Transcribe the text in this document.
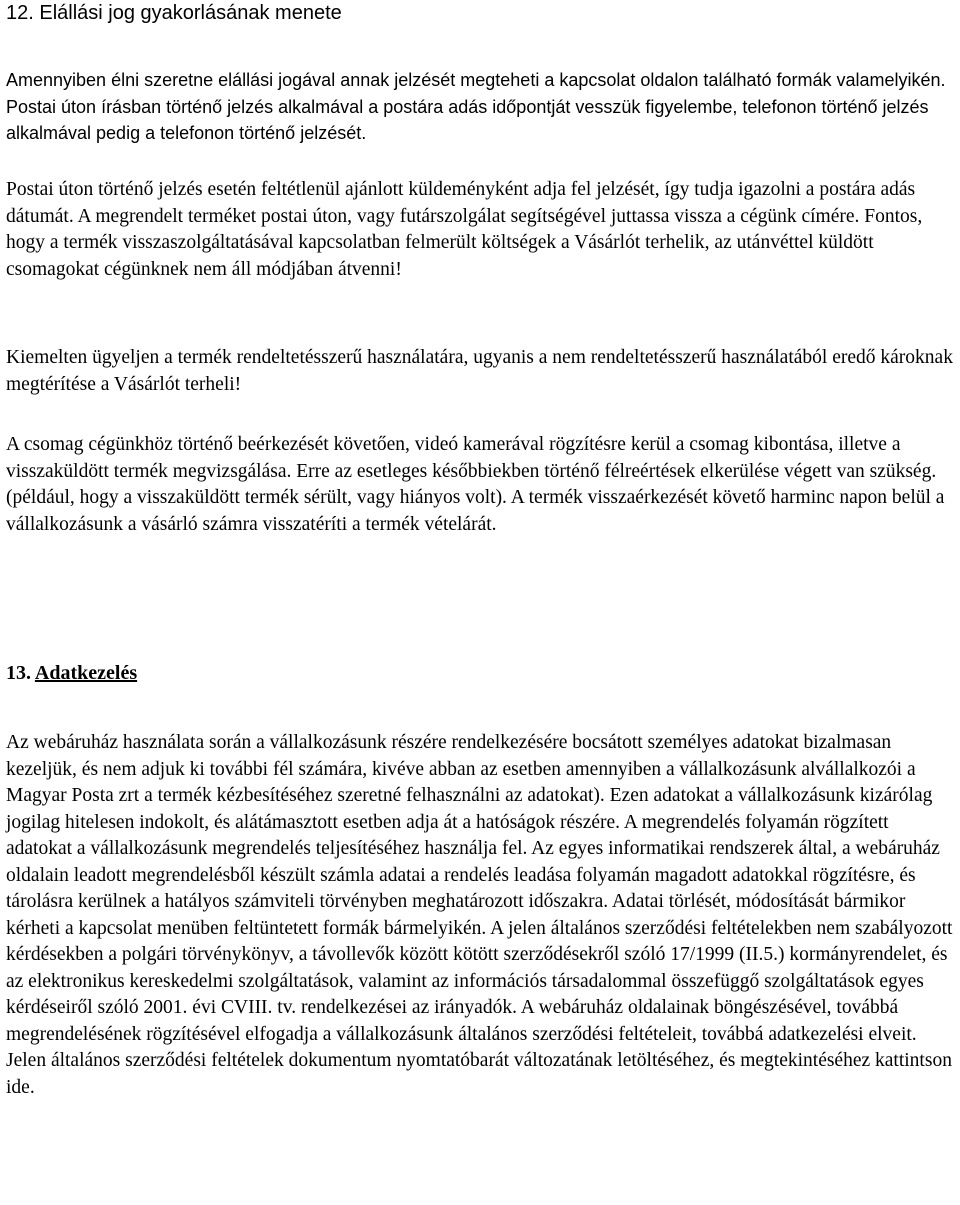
12. Elállási jog gyakorlásának menete

Amennyiben élni szeretne elállási jogával annak jelzését megteheti a kapcsolat oldalon található formák valamelyikén. Postai úton írásban történő jelzés alkalmával a postára adás időpontját vesszük figyelembe, telefonon történő jelzés alkalmával pedig a telefonon történő jelzését.

Postai úton történő jelzés esetén feltétlenül ajánlott küldeményként adja fel jelzését, így tudja igazolni a postára adás dátumát. A megrendelt terméket postai úton, vagy futárszolgálat segítségével juttassa vissza a cégünk címére. Fontos, hogy a termék visszaszolgáltatásával kapcsolatban felmerült költségek a Vásárlót terhelik, az utánvéttel küldött csomagokat cégünknek nem áll módjában átvenni!

Kiemelten ügyeljen a termék rendeltetésszerű használatára, ugyanis a nem rendeltetésszerű használatából eredő károknak megtérítése a Vásárlót terheli!

A csomag cégünkhöz történő beérkezését követően, videó kamerával rögzítésre kerül a csomag kibontása, illetve a visszaküldött termék megvizsgálása. Erre az esetleges későbbiekben történő félreértések elkerülése végett van szükség. (például, hogy a visszaküldött termék sérült, vagy hiányos volt). A termék visszaérkezését követő harminc napon belül a vállalkozásunk a vásárló számra visszatéríti a termék vételárát.

13. Adatkezelés

Az webáruház használata során a vállalkozásunk részére rendelkezésére bocsátott személyes adatokat bizalmasan kezeljük, és nem adjuk ki további fél számára, kivéve abban az esetben amennyiben a vállalkozásunk alvállalkozói a Magyar Posta zrt a termék kézbesítéséhez szeretné felhasználni az adatokat). Ezen adatokat a vállalkozásunk kizárólag jogilag hitelesen indokolt, és alátámasztott esetben adja át a hatóságok részére. A megrendelés folyamán rögzített adatokat a vállalkozásunk megrendelés teljesítéséhez használja fel. Az egyes informatikai rendszerek által, a webáruház oldalain leadott megrendelésből készült számla adatai a rendelés leadása folyamán magadott adatokkal rögzítésre, és tárolásra kerülnek a hatályos számviteli törvényben meghatározott időszakra. Adatai törlését, módosítását bármikor kérheti a kapcsolat menüben feltüntetett formák bármelyikén. A jelen általános szerződési feltételekben nem szabályozott kérdésekben a polgári törvénykönyv, a távollevők között kötött szerződésekről szóló 17/1999 (II.5.) kormányrendelet, és az elektronikus kereskedelmi szolgáltatások, valamint az információs társadalommal összefüggő szolgáltatások egyes kérdéseiről szóló 2001. évi CVIII. tv. rendelkezései az irányadók. A webáruház oldalainak böngészésével, továbbá megrendelésének rögzítésével elfogadja a vállalkozásunk általános szerződési feltételeit, továbbá adatkezelési elveit. Jelen általános szerződési feltételek dokumentum nyomtatóbarát változatának letöltéséhez, és megtekintéséhez kattintson ide.
